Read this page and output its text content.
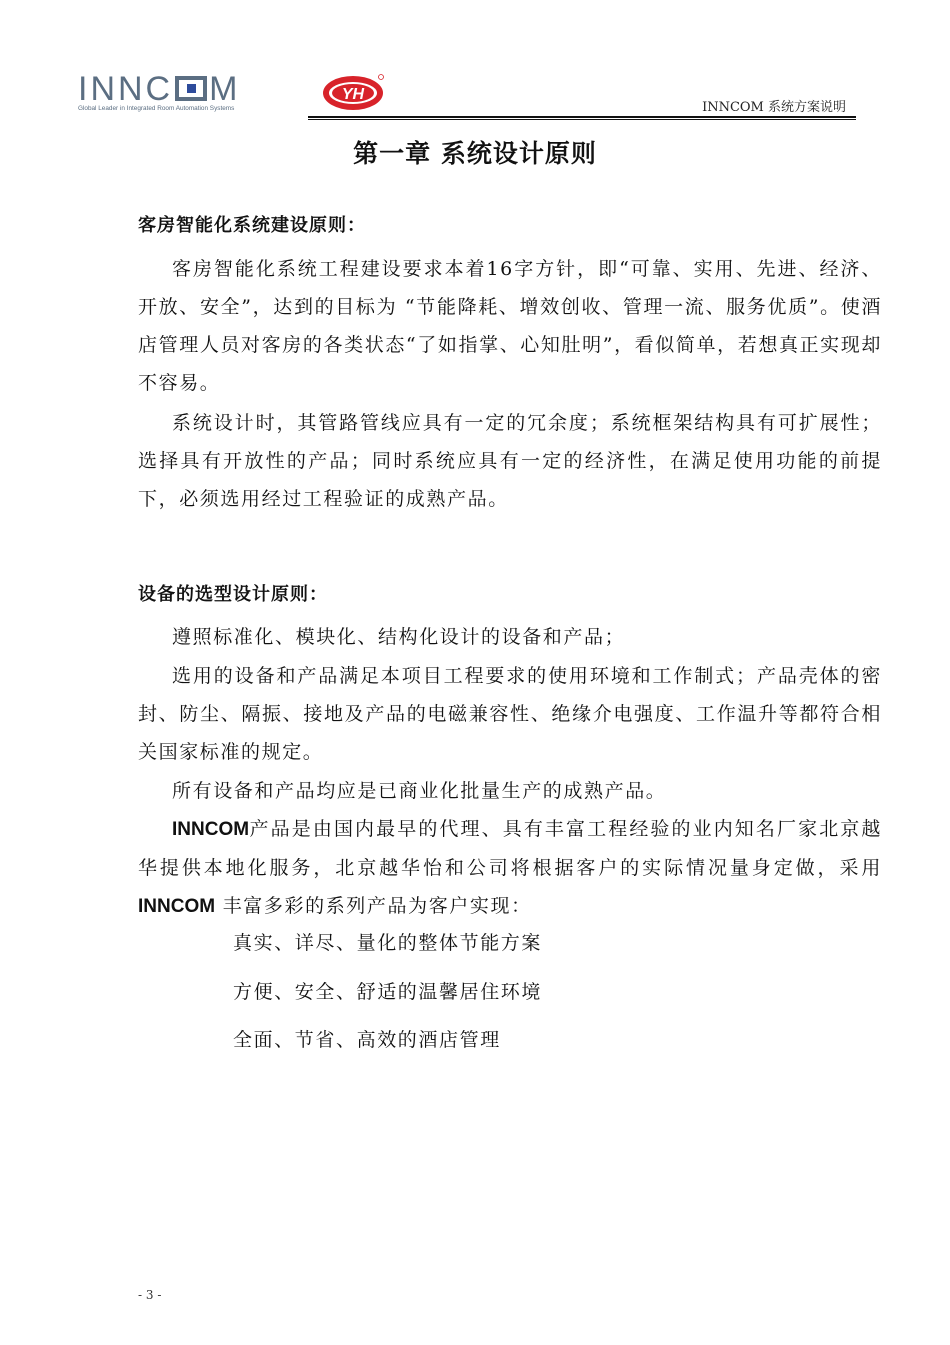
INNC M
Global Leader in Integrated Room Automation Systems
YH
INNCOM 系统方案说明
第一章 系统设计原则
客房智能化系统建设原则：

客房智能化系统工程建设要求本着16字方针，即“可靠、实用、先进、经济、开放、安全”，达到的目标为 “节能降耗、增效创收、管理一流、服务优质”。使酒店管理人员对客房的各类状态“了如指掌、心知肚明”，看似简单，若想真正实现却不容易。

系统设计时，其管路管线应具有一定的冗余度；系统框架结构具有可扩展性；选择具有开放性的产品；同时系统应具有一定的经济性，在满足使用功能的前提下，必须选用经过工程验证的成熟产品。

设备的选型设计原则：

遵照标准化、模块化、结构化设计的设备和产品；

选用的设备和产品满足本项目工程要求的使用环境和工作制式；产品壳体的密封、防尘、隔振、接地及产品的电磁兼容性、绝缘介电强度、工作温升等都符合相关国家标准的规定。

所有设备和产品均应是已商业化批量生产的成熟产品。

INNCOM产品是由国内最早的代理、具有丰富工程经验的业内知名厂家北京越华提供本地化服务，北京越华怡和公司将根据客户的实际情况量身定做，采用 INNCOM 丰富多彩的系列产品为客户实现：

真实、详尽、量化的整体节能方案
方便、安全、舒适的温馨居住环境
全面、节省、高效的酒店管理
- 3 -
